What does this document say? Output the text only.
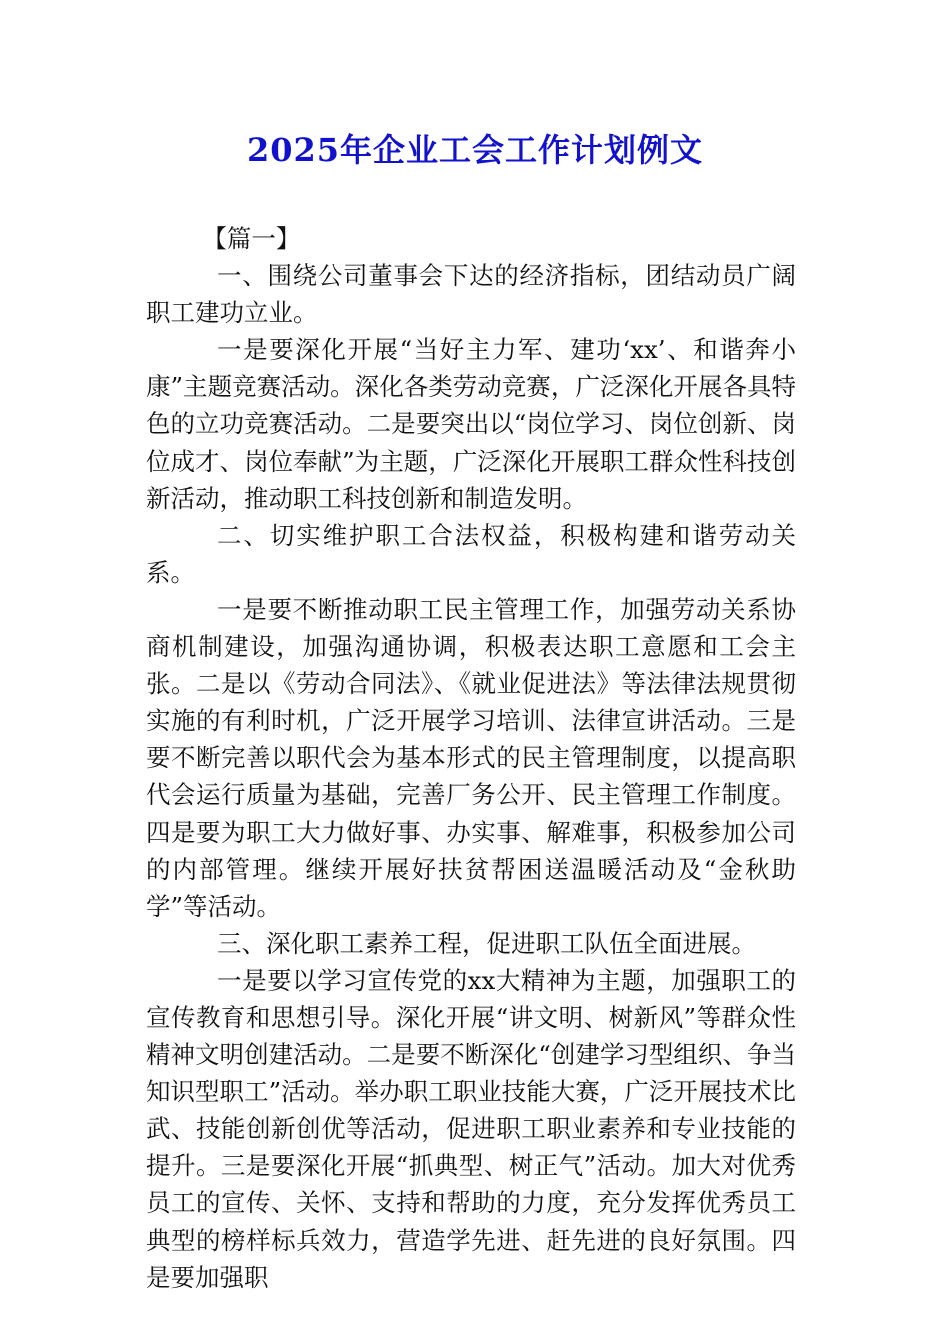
2025年企业工会工作计划例文

【篇一】

一、围绕公司董事会下达的经济指标，团结动员广阔职工建功立业。

一是要深化开展“当好主力军、建功‘xx’、和谐奔小康”主题竞赛活动。深化各类劳动竞赛，广泛深化开展各具特色的立功竞赛活动。二是要突出以“岗位学习、岗位创新、岗位成才、岗位奉献”为主题，广泛深化开展职工群众性科技创新活动，推动职工科技创新和制造发明。

二、切实维护职工合法权益，积极构建和谐劳动关系。

一是要不断推动职工民主管理工作，加强劳动关系协商机制建设，加强沟通协调，积极表达职工意愿和工会主张。二是以《劳动合同法》、《就业促进法》等法律法规贯彻实施的有利时机，广泛开展学习培训、法律宣讲活动。三是要不断完善以职代会为基本形式的民主管理制度，以提高职代会运行质量为基础，完善厂务公开、民主管理工作制度。四是要为职工大力做好事、办实事、解难事，积极参加公司的内部管理。继续开展好扶贫帮困送温暖活动及“金秋助学”等活动。

三、深化职工素养工程，促进职工队伍全面进展。

一是要以学习宣传党的xx大精神为主题，加强职工的宣传教育和思想引导。深化开展“讲文明、树新风”等群众性精神文明创建活动。二是要不断深化“创建学习型组织、争当知识型职工”活动。举办职工职业技能大赛，广泛开展技术比武、技能创新创优等活动，促进职工职业素养和专业技能的提升。三是要深化开展“抓典型、树正气”活动。加大对优秀员工的宣传、关怀、支持和帮助的力度，充分发挥优秀员工典型的榜样标兵效力，营造学先进、赶先进的良好氛围。四是要加强职
